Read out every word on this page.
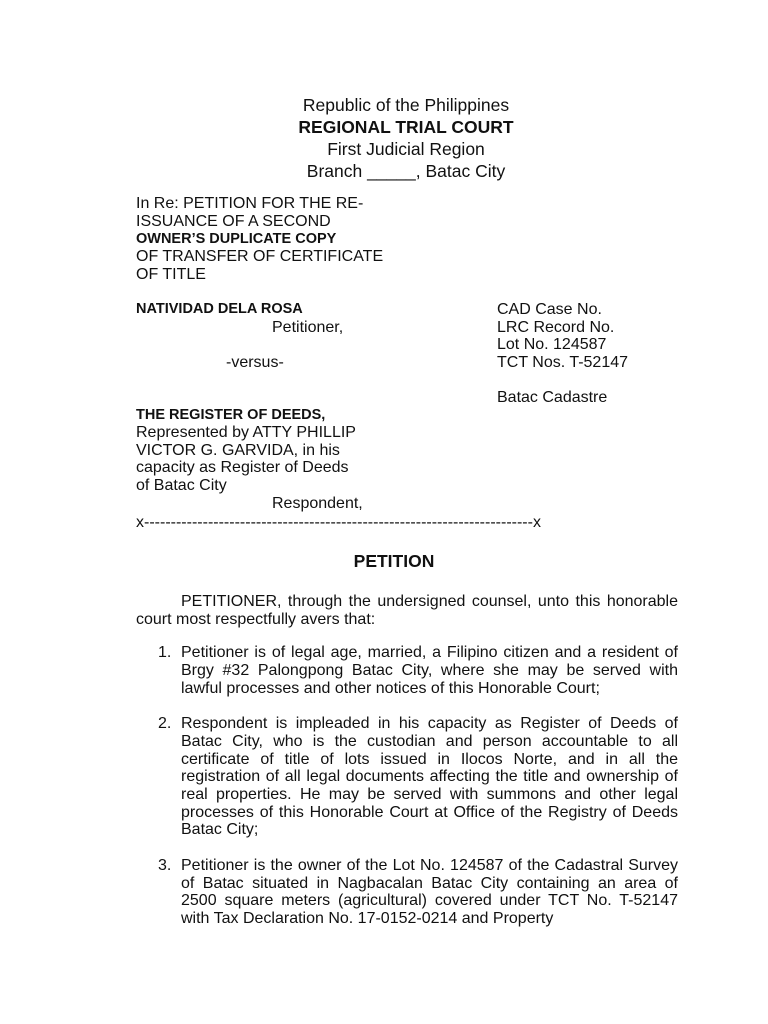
Republic of the Philippines
REGIONAL TRIAL COURT
First Judicial Region
Branch _____, Batac City
In Re: PETITION FOR THE RE-
ISSUANCE OF A SECOND
OWNER’S DUPLICATE COPY
OF TRANSFER OF CERTIFICATE
OF TITLE
NATIVIDAD DELA ROSA
Petitioner,
-versus-
THE REGISTER OF DEEDS,
Represented by ATTY PHILLIP
VICTOR G. GARVIDA, in his
capacity as Register of Deeds
of Batac City
Respondent,
CAD Case No.
LRC Record No.
Lot No. 124587
TCT Nos. T-52147
Batac Cadastre
x-------------------------------------------------------------------------x
PETITION

PETITIONER, through the undersigned counsel, unto this honorable court most respectfully avers that:

1. Petitioner is of legal age, married, a Filipino citizen and a resident of Brgy #32 Palongpong Batac City, where she may be served with lawful processes and other notices of this Honorable Court;
2. Respondent is impleaded in his capacity as Register of Deeds of Batac City, who is the custodian and person accountable to all certificate of title of lots issued in Ilocos Norte, and in all the registration of all legal documents affecting the title and ownership of real properties. He may be served with summons and other legal processes of this Honorable Court at Office of the Registry of Deeds Batac City;
3. Petitioner is the owner of the Lot No. 124587 of the Cadastral Survey of Batac situated in Nagbacalan Batac City containing an area of 2500 square meters (agricultural) covered under TCT No. T-52147 with Tax Declaration No. 17-0152-0214 and Property
